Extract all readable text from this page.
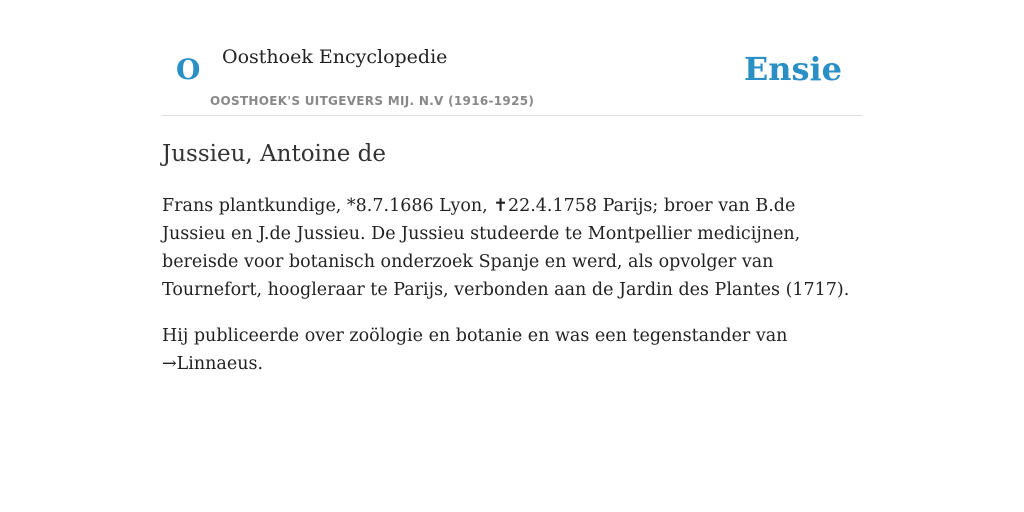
O Oosthoek Encyclopedie
OOSTHOEK'S UITGEVERS MIJ. N.V (1916-1925)
Ensie
Jussieu, Antoine de

Frans plantkundige, *8.7.1686 Lyon, ✝22.4.1758 Parijs; broer van B.de Jussieu en J.de Jussieu. De Jussieu studeerde te Montpellier medicijnen, bereisde voor botanisch onderzoek Spanje en werd, als opvolger van Tournefort, hoogleraar te Parijs, verbonden aan de Jardin des Plantes (1717).

Hij publiceerde over zoölogie en botanie en was een tegenstander van →Linnaeus.
